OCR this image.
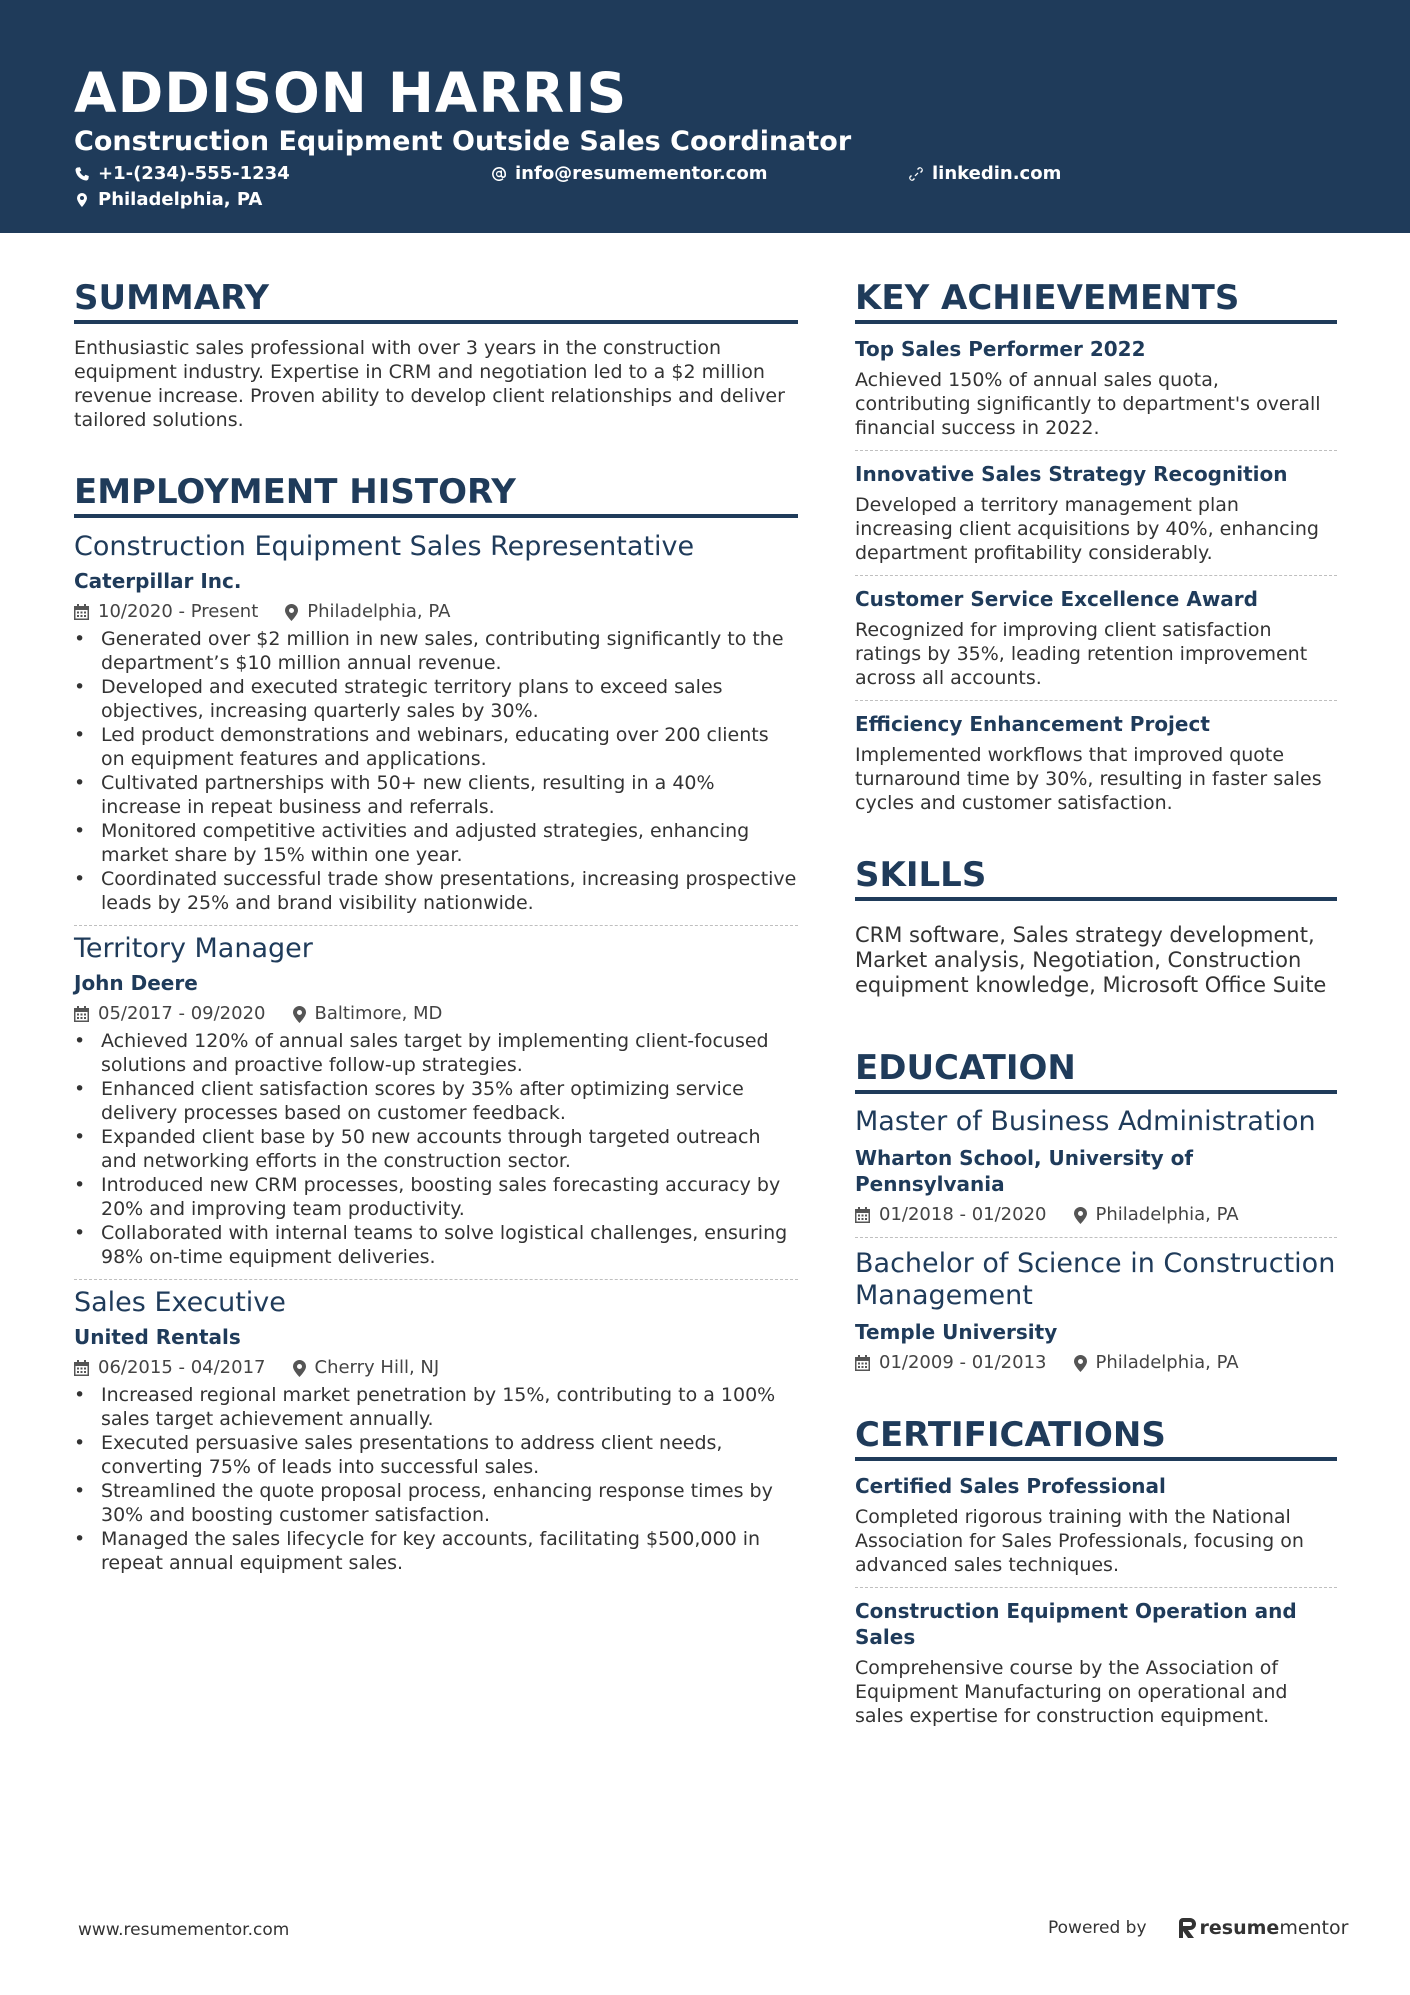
ADDISON HARRIS
Construction Equipment Outside Sales Coordinator
+1-(234)-555-1234	info@resumementor.com	linkedin.com
Philadelphia, PA
SUMMARY
Enthusiastic sales professional with over 3 years in the construction equipment industry. Expertise in CRM and negotiation led to a $2 million revenue increase. Proven ability to develop client relationships and deliver tailored solutions.
EMPLOYMENT HISTORY
Construction Equipment Sales Representative
Caterpillar Inc.
10/2020 - Present	Philadelphia, PA
• Generated over $2 million in new sales, contributing significantly to the department’s $10 million annual revenue.
• Developed and executed strategic territory plans to exceed sales objectives, increasing quarterly sales by 30%.
• Led product demonstrations and webinars, educating over 200 clients on equipment features and applications.
• Cultivated partnerships with 50+ new clients, resulting in a 40% increase in repeat business and referrals.
• Monitored competitive activities and adjusted strategies, enhancing market share by 15% within one year.
• Coordinated successful trade show presentations, increasing prospective leads by 25% and brand visibility nationwide.
Territory Manager
John Deere
05/2017 - 09/2020	Baltimore, MD
• Achieved 120% of annual sales target by implementing client-focused solutions and proactive follow-up strategies.
• Enhanced client satisfaction scores by 35% after optimizing service delivery processes based on customer feedback.
• Expanded client base by 50 new accounts through targeted outreach and networking efforts in the construction sector.
• Introduced new CRM processes, boosting sales forecasting accuracy by 20% and improving team productivity.
• Collaborated with internal teams to solve logistical challenges, ensuring 98% on-time equipment deliveries.
Sales Executive
United Rentals
06/2015 - 04/2017	Cherry Hill, NJ
• Increased regional market penetration by 15%, contributing to a 100% sales target achievement annually.
• Executed persuasive sales presentations to address client needs, converting 75% of leads into successful sales.
• Streamlined the quote proposal process, enhancing response times by 30% and boosting customer satisfaction.
• Managed the sales lifecycle for key accounts, facilitating $500,000 in repeat annual equipment sales.
KEY ACHIEVEMENTS
Top Sales Performer 2022
Achieved 150% of annual sales quota, contributing significantly to department's overall financial success in 2022.
Innovative Sales Strategy Recognition
Developed a territory management plan increasing client acquisitions by 40%, enhancing department profitability considerably.
Customer Service Excellence Award
Recognized for improving client satisfaction ratings by 35%, leading retention improvement across all accounts.
Efficiency Enhancement Project
Implemented workflows that improved quote turnaround time by 30%, resulting in faster sales cycles and customer satisfaction.
SKILLS
CRM software, Sales strategy development, Market analysis, Negotiation, Construction equipment knowledge, Microsoft Office Suite
EDUCATION
Master of Business Administration
Wharton School, University of Pennsylvania
01/2018 - 01/2020	Philadelphia, PA
Bachelor of Science in Construction Management
Temple University
01/2009 - 01/2013	Philadelphia, PA
CERTIFICATIONS
Certified Sales Professional
Completed rigorous training with the National Association for Sales Professionals, focusing on advanced sales techniques.
Construction Equipment Operation and Sales
Comprehensive course by the Association of Equipment Manufacturing on operational and sales expertise for construction equipment.
www.resumementor.com	Powered by	resume mentor
